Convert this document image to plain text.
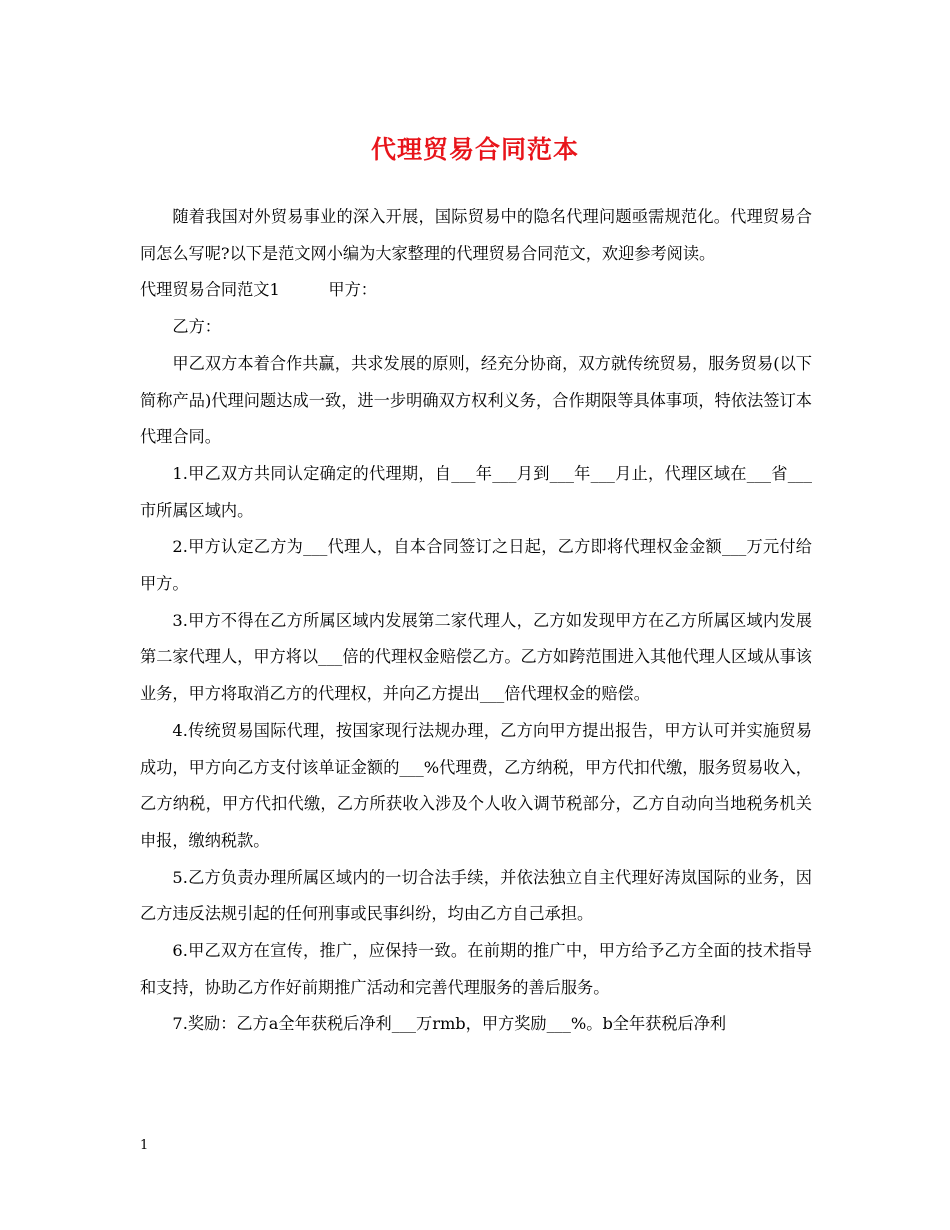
代理贸易合同范本

随着我国对外贸易事业的深入开展，国际贸易中的隐名代理问题亟需规范化。代理贸易合同怎么写呢?以下是范文网小编为大家整理的代理贸易合同范文，欢迎参考阅读。

代理贸易合同范文1	甲方：

乙方：

甲乙双方本着合作共赢，共求发展的原则，经充分协商，双方就传统贸易，服务贸易(以下简称产品)代理问题达成一致，进一步明确双方权利义务，合作期限等具体事项，特依法签订本代理合同。

1.甲乙双方共同认定确定的代理期，自___年___月到___年___月止，代理区域在___省___市所属区域内。

2.甲方认定乙方为___代理人，自本合同签订之日起，乙方即将代理权金金额___万元付给甲方。

3.甲方不得在乙方所属区域内发展第二家代理人，乙方如发现甲方在乙方所属区域内发展第二家代理人，甲方将以___倍的代理权金赔偿乙方。乙方如跨范围进入其他代理人区域从事该业务，甲方将取消乙方的代理权，并向乙方提出___倍代理权金的赔偿。

4.传统贸易国际代理，按国家现行法规办理，乙方向甲方提出报告，甲方认可并实施贸易成功，甲方向乙方支付该单证金额的___%代理费，乙方纳税，甲方代扣代缴，服务贸易收入，乙方纳税，甲方代扣代缴，乙方所获收入涉及个人收入调节税部分，乙方自动向当地税务机关申报，缴纳税款。

5.乙方负责办理所属区域内的一切合法手续，并依法独立自主代理好涛岚国际的业务，因乙方违反法规引起的任何刑事或民事纠纷，均由乙方自己承担。

6.甲乙双方在宣传，推广，应保持一致。在前期的推广中，甲方给予乙方全面的技术指导和支持，协助乙方作好前期推广活动和完善代理服务的善后服务。

7.奖励：乙方a全年获税后净利___万rmb，甲方奖励___%。b全年获税后净利

1
